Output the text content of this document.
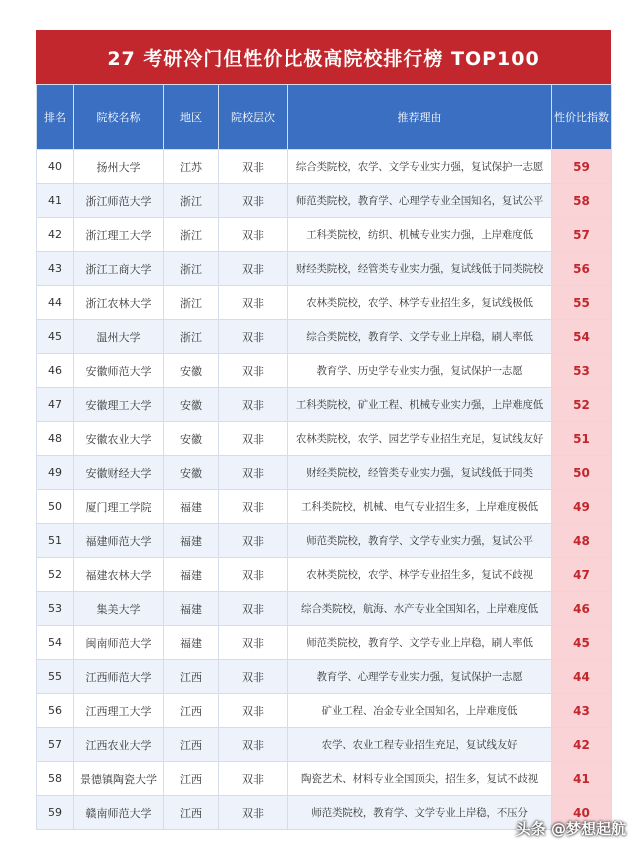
27 考研冷门但性价比极高院校排行榜 TOP100
排名	院校名称	地区	院校层次	推荐理由	性价比指数
40	扬州大学	江苏	双非	综合类院校，农学、文学专业实力强，复试保护一志愿	59
41	浙江师范大学	浙江	双非	师范类院校，教育学、心理学专业全国知名，复试公平	58
42	浙江理工大学	浙江	双非	工科类院校，纺织、机械专业实力强，上岸难度低	57
43	浙江工商大学	浙江	双非	财经类院校，经管类专业实力强，复试线低于同类院校	56
44	浙江农林大学	浙江	双非	农林类院校，农学、林学专业招生多，复试线极低	55
45	温州大学	浙江	双非	综合类院校，教育学、文学专业上岸稳，刷人率低	54
46	安徽师范大学	安徽	双非	教育学、历史学专业实力强，复试保护一志愿	53
47	安徽理工大学	安徽	双非	工科类院校，矿业工程、机械专业实力强，上岸难度低	52
48	安徽农业大学	安徽	双非	农林类院校，农学、园艺学专业招生充足，复试线友好	51
49	安徽财经大学	安徽	双非	财经类院校，经管类专业实力强，复试线低于同类	50
50	厦门理工学院	福建	双非	工科类院校，机械、电气专业招生多，上岸难度极低	49
51	福建师范大学	福建	双非	师范类院校，教育学、文学专业实力强，复试公平	48
52	福建农林大学	福建	双非	农林类院校，农学、林学专业招生多，复试不歧视	47
53	集美大学	福建	双非	综合类院校，航海、水产专业全国知名，上岸难度低	46
54	闽南师范大学	福建	双非	师范类院校，教育学、文学专业上岸稳，刷人率低	45
55	江西师范大学	江西	双非	教育学、心理学专业实力强，复试保护一志愿	44
56	江西理工大学	江西	双非	矿业工程、冶金专业全国知名，上岸难度低	43
57	江西农业大学	江西	双非	农学、农业工程专业招生充足，复试线友好	42
58	景德镇陶瓷大学	江西	双非	陶瓷艺术、材料专业全国顶尖，招生多，复试不歧视	41
59	赣南师范大学	江西	双非	师范类院校，教育学、文学专业上岸稳，不压分	40
头条 @梦想起航
